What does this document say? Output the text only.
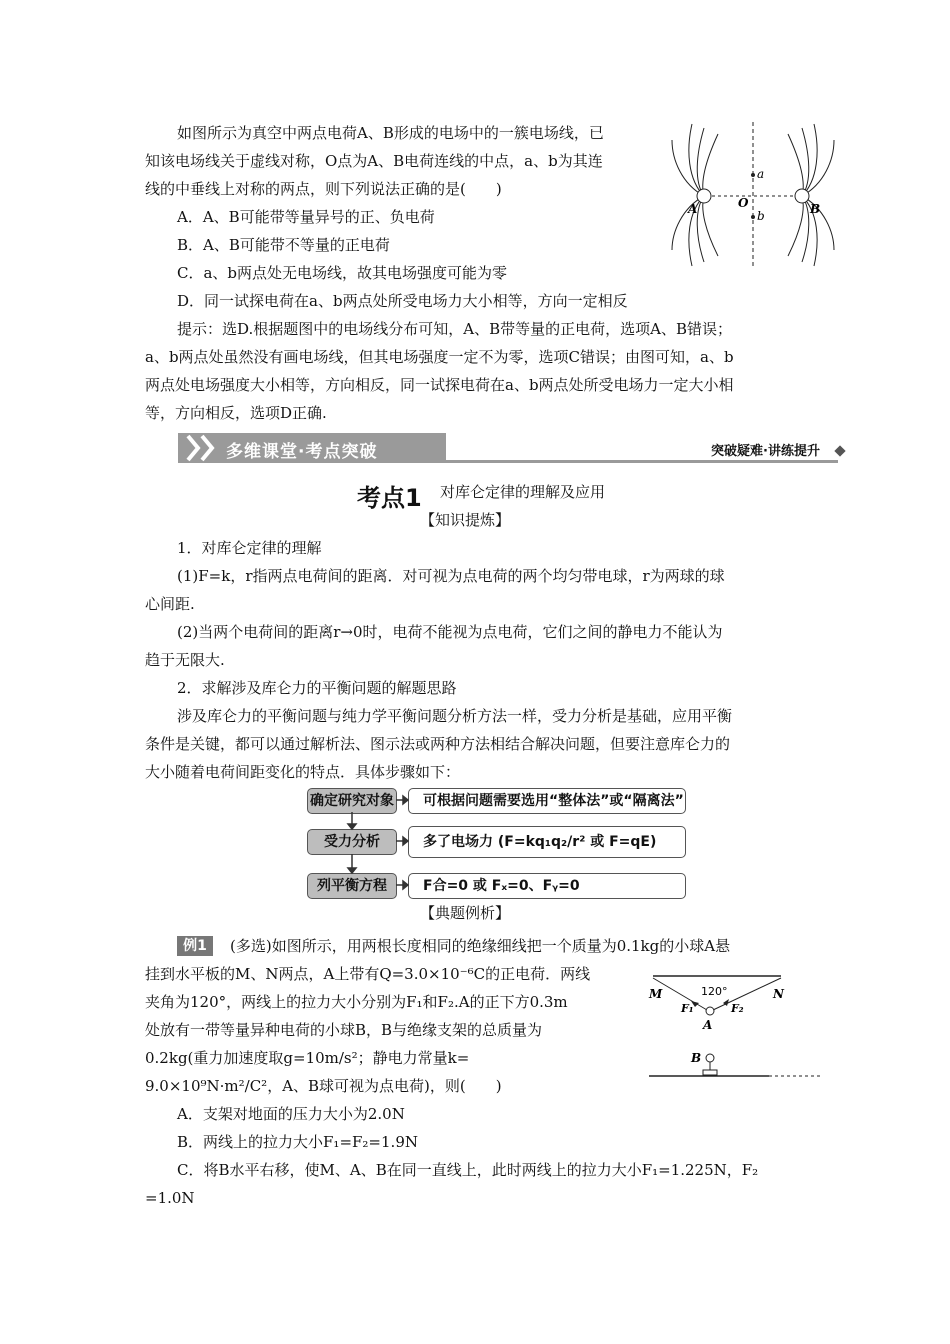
如图所示为真空中两点电荷A、B形成的电场中的一簇电场线，已
知该电场线关于虚线对称，O点为A、B电荷连线的中点，a、b为其连
线的中垂线上对称的两点，则下列说法正确的是(　　)
A．A、B可能带等量异号的正、负电荷
B．A、B可能带不等量的正电荷
C．a、b两点处无电场线，故其电场强度可能为零
D．同一试探电荷在a、b两点处所受电场力大小相等，方向一定相反
提示：选D.根据题图中的电场线分布可知，A、B带等量的正电荷，选项A、B错误；
a、b两点处虽然没有画电场线，但其电场强度一定不为零，选项C错误；由图可知，a、b
两点处电场强度大小相等，方向相反，同一试探电荷在a、b两点处所受电场力一定大小相
等，方向相反，选项D正确.
A	B
O
a
b
多维课堂·考点突破	突破疑难·讲练提升
考点1 对库仑定律的理解及应用
【知识提炼】
1．对库仑定律的理解
(1)F=k，r指两点电荷间的距离．对可视为点电荷的两个均匀带电球，r为两球的球
心间距.
(2)当两个电荷间的距离r→0时，电荷不能视为点电荷，它们之间的静电力不能认为
趋于无限大.
2．求解涉及库仑力的平衡问题的解题思路
涉及库仑力的平衡问题与纯力学平衡问题分析方法一样，受力分析是基础，应用平衡
条件是关键，都可以通过解析法、图示法或两种方法相结合解决问题，但要注意库仑力的
大小随着电荷间距变化的特点．具体步骤如下：
确定研究对象	可根据问题需要选用“整体法”或“隔离法”
受力分析	多了电场力 (F=kq₁q₂/r² 或 F=qE)
列平衡方程	F合=0 或 Fₓ=0、Fᵧ=0
【典题例析】
例1	(多选)如图所示，用两根长度相同的绝缘细线把一个质量为0.1kg的小球A悬
挂到水平板的M、N两点，A上带有Q=3.0×10⁻⁶C的正电荷．两线
夹角为120°，两线上的拉力大小分别为F₁和F₂.A的正下方0.3m
处放有一带等量异种电荷的小球B，B与绝缘支架的总质量为
0.2kg(重力加速度取g=10m/s²；静电力常量k=
9.0×10⁹N·m²/C²，A、B球可视为点电荷)，则(　　)
A．支架对地面的压力大小为2.0N
B．两线上的拉力大小F₁=F₂=1.9N
C．将B水平右移，使M、A、B在同一直线上，此时两线上的拉力大小F₁=1.225N，F₂
=1.0N
M	N
120°
F₁	F₂
A
B
